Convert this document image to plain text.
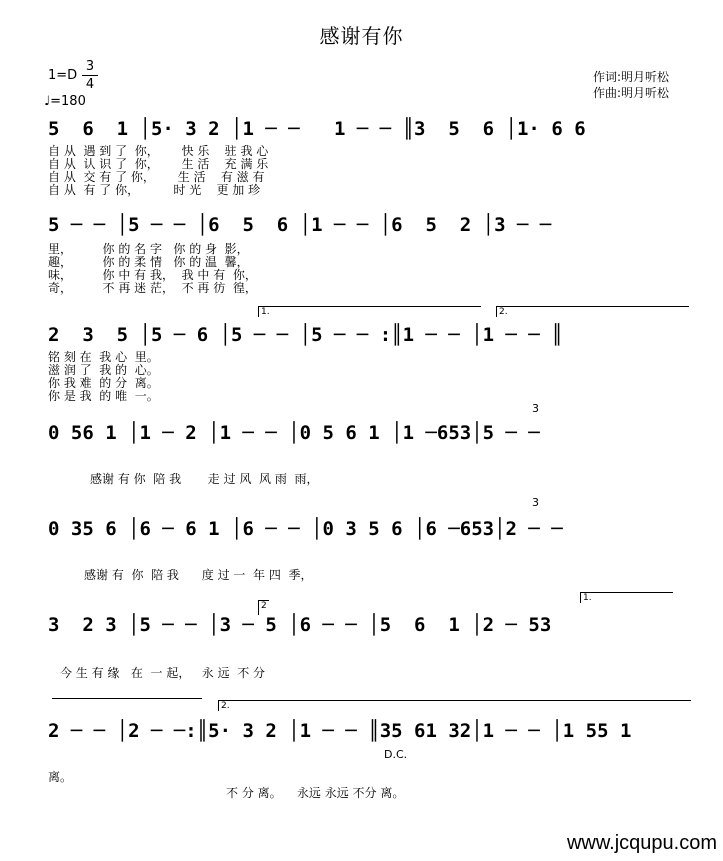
感谢有你
1=D
3
4
♩=180
作词:明月听松
作曲:明月听松
5  6  1 │5· 3 2 │1 ─ ─   1 ─ ─ ║3  5  6 │1· 6 6
自 从  遇 到 了  你，      快 乐    驻 我 心
自 从  认 识 了  你，      生 活    充 满 乐
自 从  交 有 了 你，      生 活    有 滋 有
自 从  有 了 你，         时 光    更 加 珍
5 ─ ─ │5 ─ ─ │6  5  6 │1 ─ ─ │6  5  2 │3 ─ ─
里，        你 的 名 字   你 的 身  影，
趣，        你 的 柔 情   你 的 温  馨，
味，        你 中 有 我，  我 中 有  你，
奇，        不 再 迷 茫，  不 再 彷  徨，
1.	2.
2  3  5 │5 ─ 6 │5 ─ ─ │5 ─ ─ :║1 ─ ─ │1 ─ ─ ║
铭 刻 在  我 心  里。
滋 润 了  我 的  心。
你 我 难  的 分  离。
你 是 我  的 唯  一。
3
0 56 1 │1 ─ 2 │1 ─ ─ │0 5 6 1 │1 ─653│5 ─ ─
感谢 有 你  陪 我       走 过 风  风 雨  雨，
3
0 35 6 │6 ─ 6 1 │6 ─ ─ │0 3 5 6 │6 ─653│2 ─ ─
感谢 有  你  陪 我      度 过 一  年 四  季，
2
1.
3  2 3 │5 ─ ─ │3 ─ 5 │6 ─ ─ │5  6  1 │2 ─ 53
今 生 有 缘   在  一 起，   永 远  不 分
2.
2 ─ ─ │2 ─ ─:║5· 3 2 │1 ─ ─ ║35 61 32│1 ─ ─ │1 55 1
D.C.
离。
不 分 离。    永远 永远 不分 离。
www.jcqupu.com
